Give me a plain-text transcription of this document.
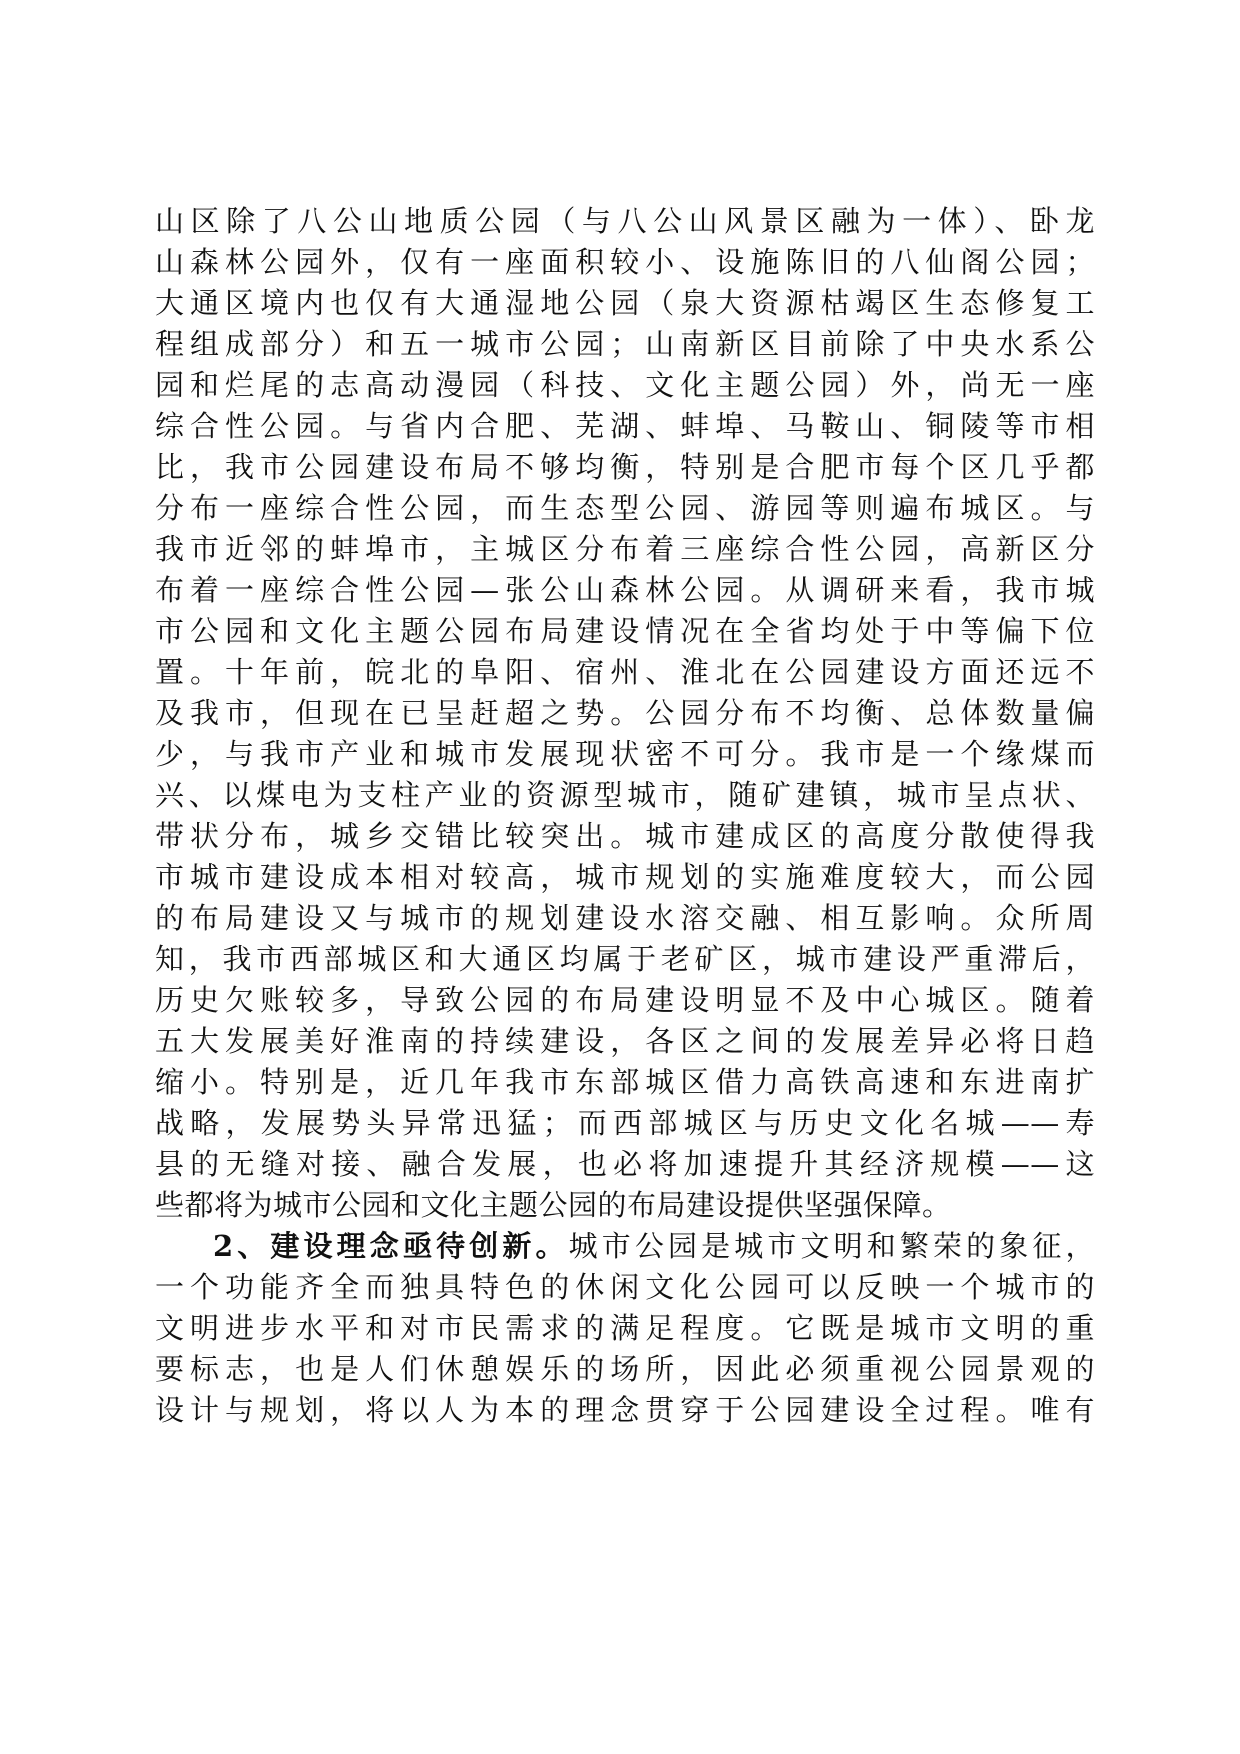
山区除了八公山地质公园（与八公山风景区融为一体）、卧龙
山森林公园外，仅有一座面积较小、设施陈旧的八仙阁公园；
大通区境内也仅有大通湿地公园（泉大资源枯竭区生态修复工
程组成部分）和五一城市公园；山南新区目前除了中央水系公
园和烂尾的志高动漫园（科技、文化主题公园）外，尚无一座
综合性公园。与省内合肥、芜湖、蚌埠、马鞍山、铜陵等市相
比，我市公园建设布局不够均衡，特别是合肥市每个区几乎都
分布一座综合性公园，而生态型公园、游园等则遍布城区。与
我市近邻的蚌埠市，主城区分布着三座综合性公园，高新区分
布着一座综合性公园—张公山森林公园。从调研来看，我市城
市公园和文化主题公园布局建设情况在全省均处于中等偏下位
置。十年前，皖北的阜阳、宿州、淮北在公园建设方面还远不
及我市，但现在已呈赶超之势。公园分布不均衡、总体数量偏
少，与我市产业和城市发展现状密不可分。我市是一个缘煤而
兴、以煤电为支柱产业的资源型城市，随矿建镇，城市呈点状、
带状分布，城乡交错比较突出。城市建成区的高度分散使得我
市城市建设成本相对较高，城市规划的实施难度较大，而公园
的布局建设又与城市的规划建设水溶交融、相互影响。众所周
知，我市西部城区和大通区均属于老矿区，城市建设严重滞后，
历史欠账较多，导致公园的布局建设明显不及中心城区。随着
五大发展美好淮南的持续建设，各区之间的发展差异必将日趋
缩小。特别是，近几年我市东部城区借力高铁高速和东进南扩
战略，发展势头异常迅猛；而西部城区与历史文化名城——寿
县的无缝对接、融合发展，也必将加速提升其经济规模——这
些都将为城市公园和文化主题公园的布局建设提供坚强保障。
2、建设理念亟待创新。城市公园是城市文明和繁荣的象征，
一个功能齐全而独具特色的休闲文化公园可以反映一个城市的
文明进步水平和对市民需求的满足程度。它既是城市文明的重
要标志，也是人们休憩娱乐的场所，因此必须重视公园景观的
设计与规划，将以人为本的理念贯穿于公园建设全过程。唯有
